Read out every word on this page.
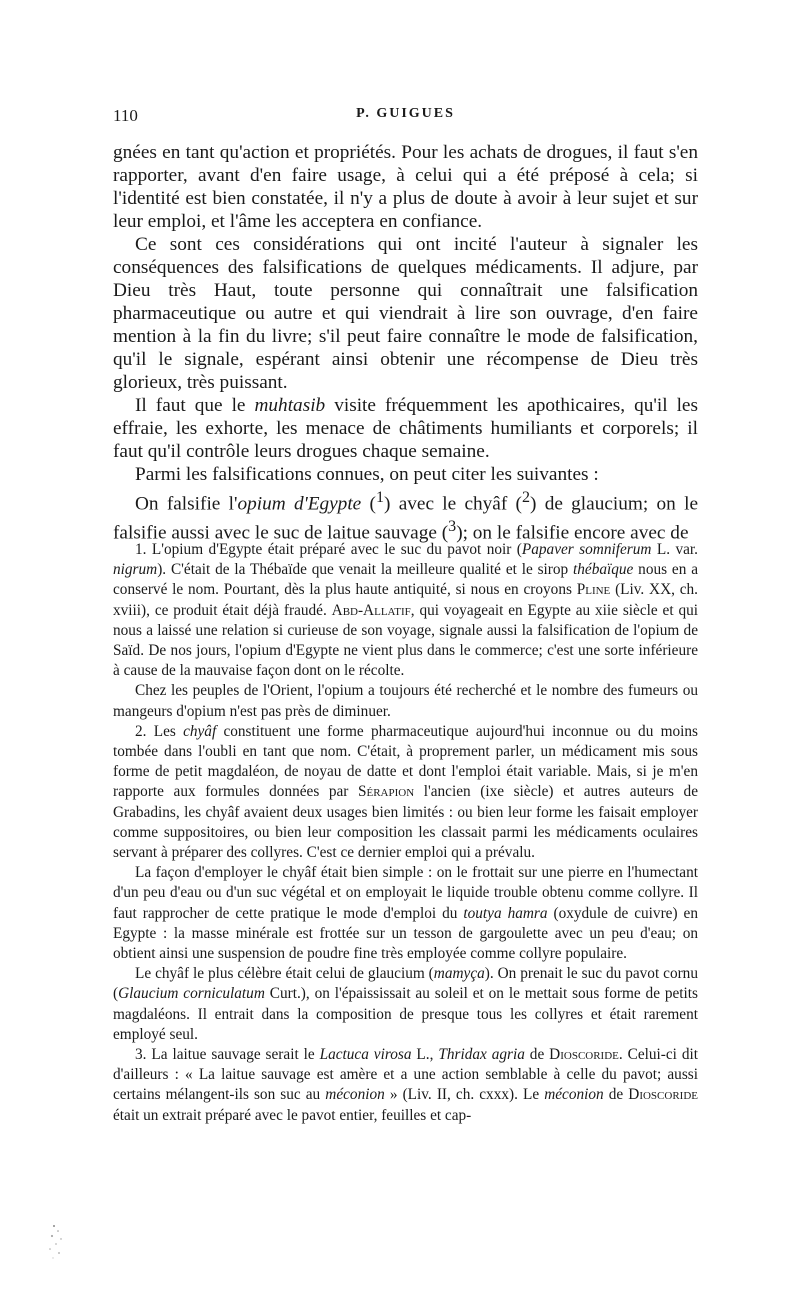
110	P. GUIGUES

gnées en tant qu'action et propriétés. Pour les achats de drogues, il faut s'en rapporter, avant d'en faire usage, à celui qui a été préposé à cela; si l'identité est bien constatée, il n'y a plus de doute à avoir à leur sujet et sur leur emploi, et l'âme les acceptera en confiance.

Ce sont ces considérations qui ont incité l'auteur à signaler les conséquences des falsifications de quelques médicaments. Il adjure, par Dieu très Haut, toute personne qui connaîtrait une falsification pharmaceutique ou autre et qui viendrait à lire son ouvrage, d'en faire mention à la fin du livre; s'il peut faire connaître le mode de falsification, qu'il le signale, espérant ainsi obtenir une récompense de Dieu très glorieux, très puissant.

Il faut que le muhtasib visite fréquemment les apothicaires, qu'il les effraie, les exhorte, les menace de châtiments humiliants et corporels; il faut qu'il contrôle leurs drogues chaque semaine.

Parmi les falsifications connues, on peut citer les suivantes :

On falsifie l'opium d'Egypte ($^1$) avec le chyâf ($^2$) de glaucium; on le falsifie aussi avec le suc de laitue sauvage ($^3$); on le falsifie encore avec de

1. L'opium d'Egypte était préparé avec le suc du pavot noir (Papaver somniferum L. var. nigrum). C'était de la Thébaïde que venait la meilleure qualité et le sirop thébaïque nous en a conservé le nom. Pourtant, dès la plus haute antiquité, si nous en croyons Pline (Liv. XX, ch. xviii), ce produit était déjà fraudé. Abd-Allatif, qui voyageait en Egypte au xiie siècle et qui nous a laissé une relation si curieuse de son voyage, signale aussi la falsification de l'opium de Saïd. De nos jours, l'opium d'Egypte ne vient plus dans le commerce; c'est une sorte inférieure à cause de la mauvaise façon dont on le récolte.

Chez les peuples de l'Orient, l'opium a toujours été recherché et le nombre des fumeurs ou mangeurs d'opium n'est pas près de diminuer.

2. Les chyâf constituent une forme pharmaceutique aujourd'hui inconnue ou du moins tombée dans l'oubli en tant que nom. C'était, à proprement parler, un médicament mis sous forme de petit magdaléon, de noyau de datte et dont l'emploi était variable. Mais, si je m'en rapporte aux formules données par Sérapion l'ancien (ixe siècle) et autres auteurs de Grabadins, les chyâf avaient deux usages bien limités : ou bien leur forme les faisait employer comme suppositoires, ou bien leur composition les classait parmi les médicaments oculaires servant à préparer des collyres. C'est ce dernier emploi qui a prévalu.

La façon d'employer le chyâf était bien simple : on le frottait sur une pierre en l'humectant d'un peu d'eau ou d'un suc végétal et on employait le liquide trouble obtenu comme collyre. Il faut rapprocher de cette pratique le mode d'emploi du toutya hamra (oxydule de cuivre) en Egypte : la masse minérale est frottée sur un tesson de gargoulette avec un peu d'eau; on obtient ainsi une suspension de poudre fine très employée comme collyre populaire.

Le chyâf le plus célèbre était celui de glaucium (mamyça). On prenait le suc du pavot cornu (Glaucium corniculatum Curt.), on l'épaississait au soleil et on le mettait sous forme de petits magdaléons. Il entrait dans la composition de presque tous les collyres et était rarement employé seul.

3. La laitue sauvage serait le Lactuca virosa L., Thridax agria de Dioscoride. Celui-ci dit d'ailleurs : « La laitue sauvage est amère et a une action semblable à celle du pavot; aussi certains mélangent-ils son suc au méconion » (Liv. II, ch. cxxx). Le méconion de Dioscoride était un extrait préparé avec le pavot entier, feuilles et cap-
